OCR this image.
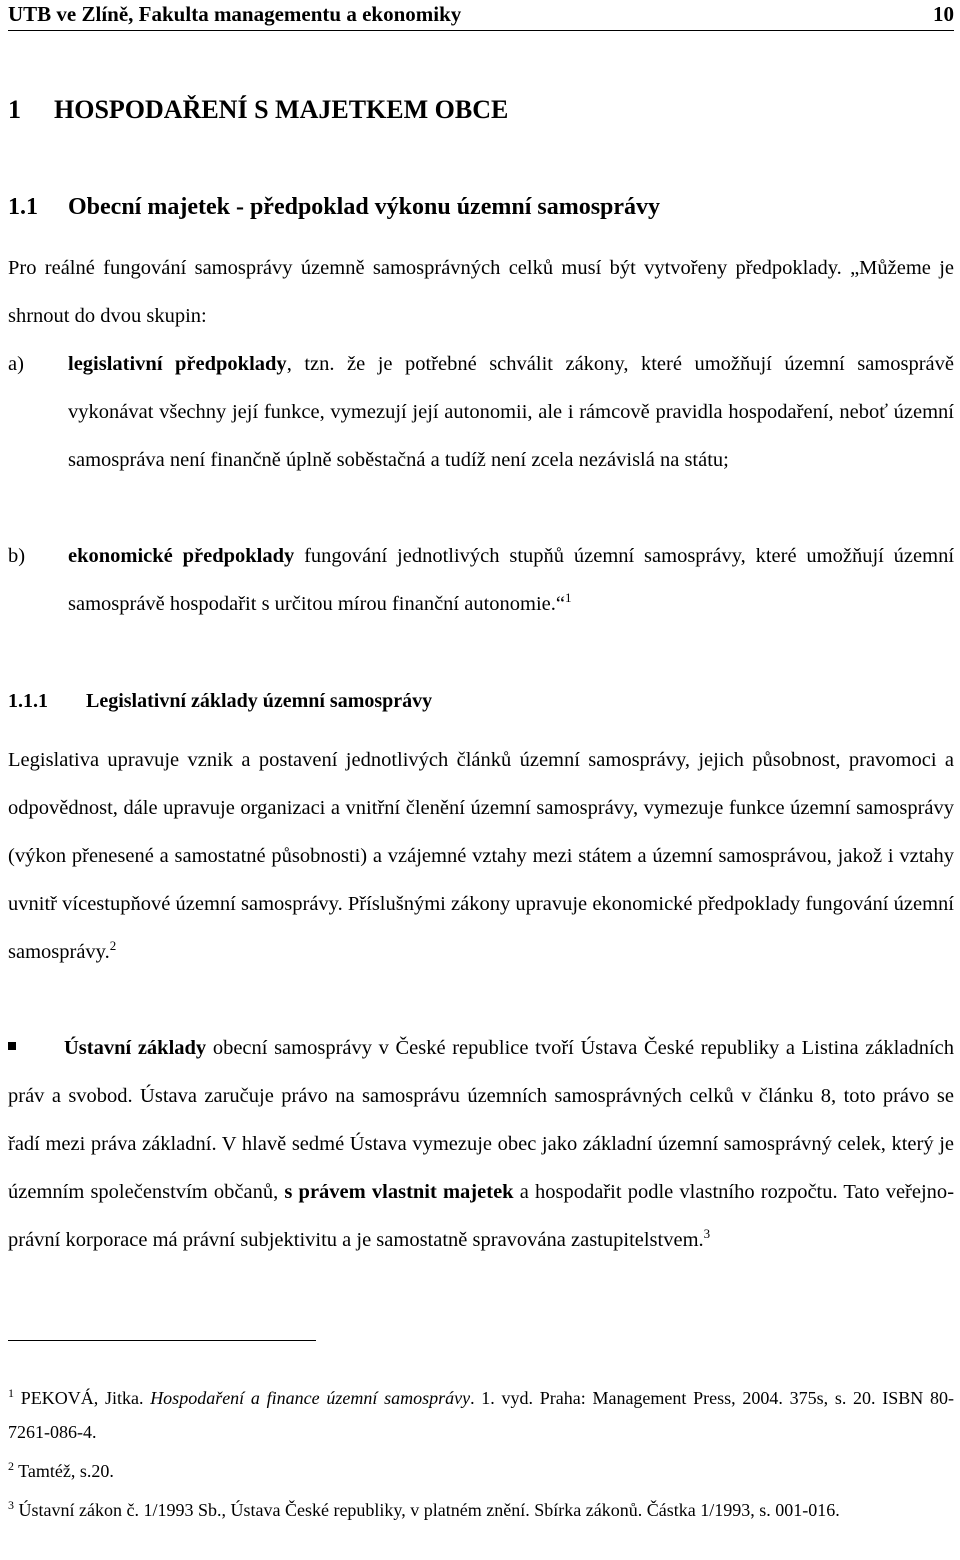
UTB ve Zlíně, Fakulta managementu a ekonomiky	10
1 HOSPODAŘENÍ S MAJETKEM OBCE
1.1 Obecní majetek - předpoklad výkonu územní samosprávy
Pro reálné fungování samosprávy územně samosprávných celků musí být vytvořeny předpoklady. „Můžeme je shrnout do dvou skupin:
a)	legislativní předpoklady, tzn. že je potřebné schválit zákony, které umožňují územní samosprávě vykonávat všechny její funkce, vymezují její autonomii, ale i rámcově pravidla hospodaření, neboť územní samospráva není finančně úplně soběstačná a tudíž není zcela nezávislá na státu;
b)	ekonomické předpoklady fungování jednotlivých stupňů územní samosprávy, které umožňují územní samosprávě hospodařit s určitou mírou finanční autonomie.“$^1$
1.1.1 Legislativní základy územní samosprávy
Legislativa upravuje vznik a postavení jednotlivých článků územní samosprávy, jejich působnost, pravomoci a odpovědnost, dále upravuje organizaci a vnitřní členění územní samosprávy, vymezuje funkce územní samosprávy (výkon přenesené a samostatné působnosti) a vzájemné vztahy mezi státem a územní samosprávou, jakož i vztahy uvnitř vícestupňové územní samosprávy. Příslušnými zákony upravuje ekonomické předpoklady fungování územní samosprávy.$^2$
Ústavní základy obecní samosprávy v České republice tvoří Ústava České republiky a Listina základních práv a svobod. Ústava zaručuje právo na samosprávu územních samosprávných celků v článku 8, toto právo se řadí mezi práva základní. V hlavě sedmé Ústava vymezuje obec jako základní územní samosprávný celek, který je územním společenstvím občanů, s právem vlastnit majetek a hospodařit podle vlastního rozpočtu. Tato veřejnoprávní korporace má právní subjektivitu a je samostatně spravována zastupitelstvem.$^3$

$^1$ PEKOVÁ, Jitka. Hospodaření a finance územní samosprávy. 1. vyd. Praha: Management Press, 2004. 375s, s. 20. ISBN 80-7261-086-4.

$^2$ Tamtéž, s.20.

$^3$ Ústavní zákon č. 1/1993 Sb., Ústava České republiky, v platném znění. Sbírka zákonů. Částka 1/1993, s. 001-016.
